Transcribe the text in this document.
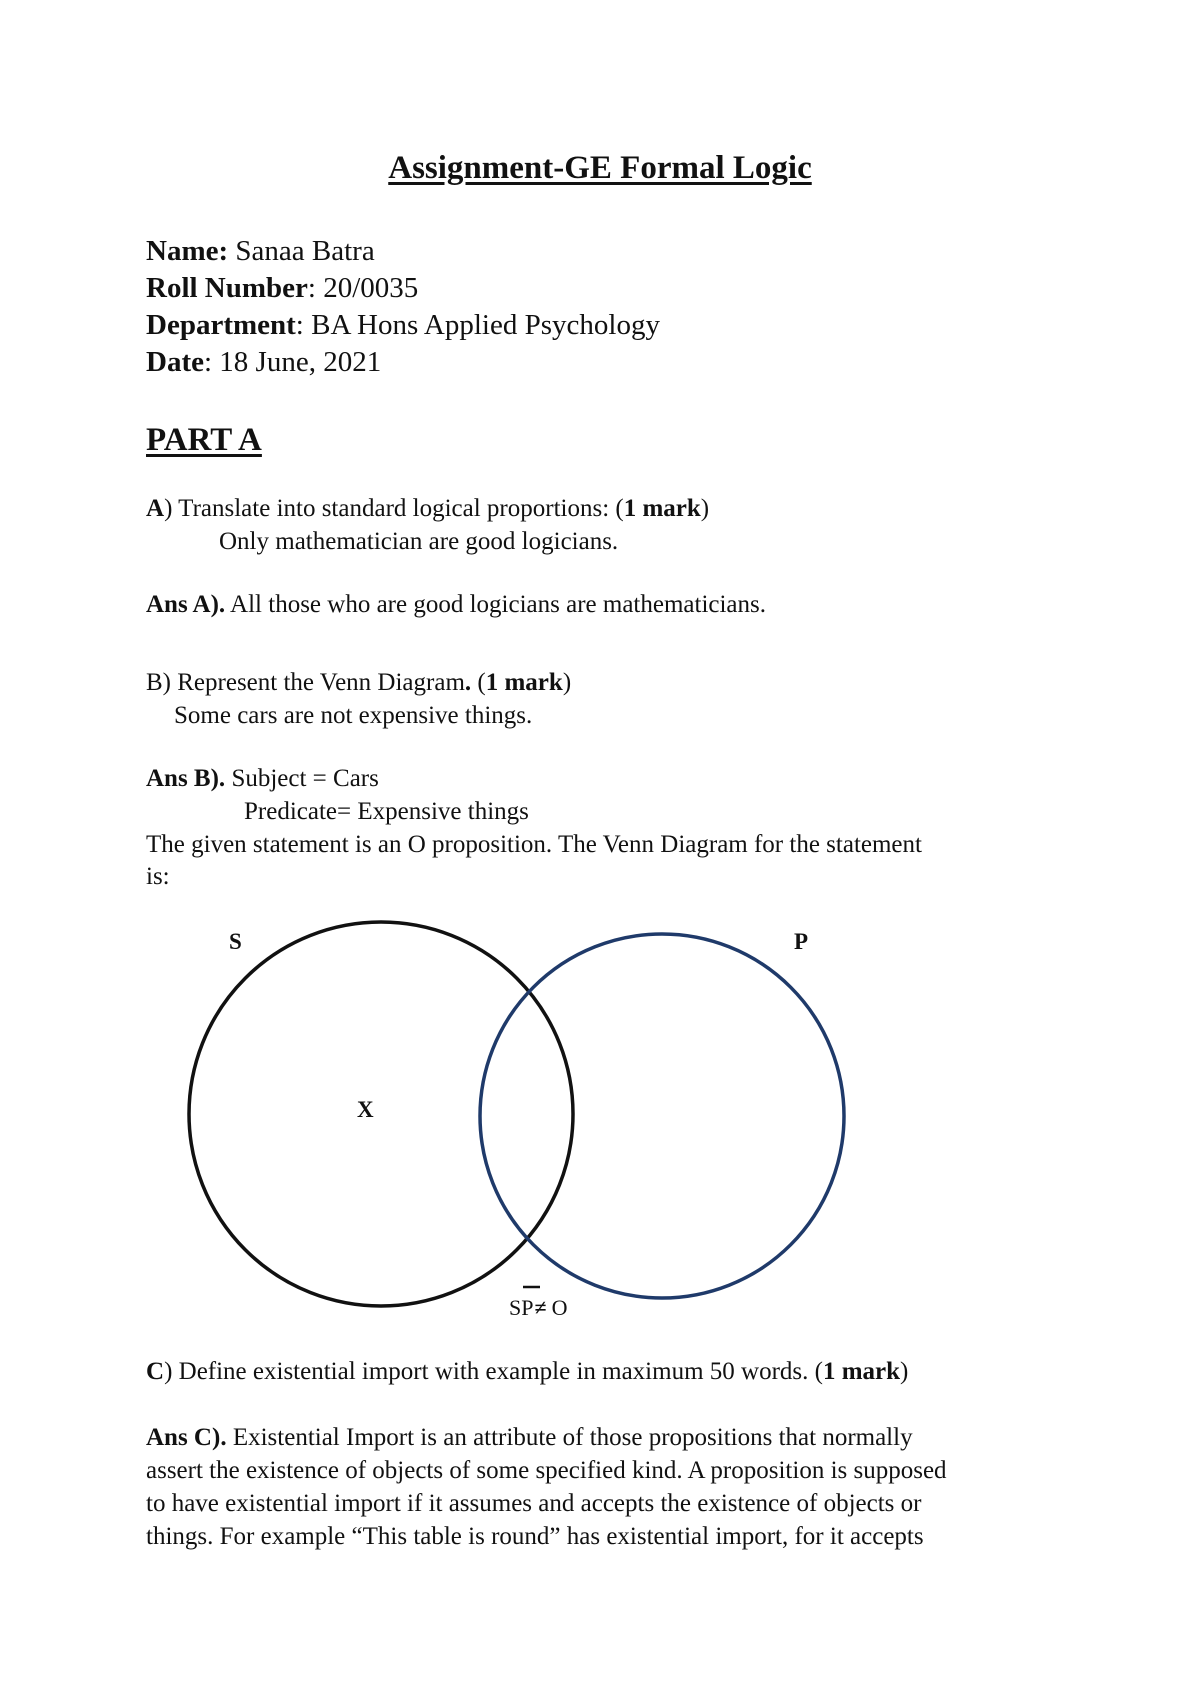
Assignment-GE Formal Logic
Name: Sanaa Batra
Roll Number: 20/0035
Department: BA Hons Applied Psychology
Date: 18 June, 2021
PART A
A) Translate into standard logical proportions: (1 mark)
Only mathematician are good logicians.
Ans A). All those who are good logicians are mathematicians.
B) Represent the Venn Diagram. (1 mark)
Some cars are not expensive things.
Ans B). Subject = Cars
Predicate= Expensive things
The given statement is an O proposition. The Venn Diagram for the statement
is:
S	P
X
SP≠ O
C) Define existential import with example in maximum 50 words. (1 mark)
Ans C). Existential Import is an attribute of those propositions that normally
assert the existence of objects of some specified kind. A proposition is supposed
to have existential import if it assumes and accepts the existence of objects or
things. For example “This table is round” has existential import, for it accepts
